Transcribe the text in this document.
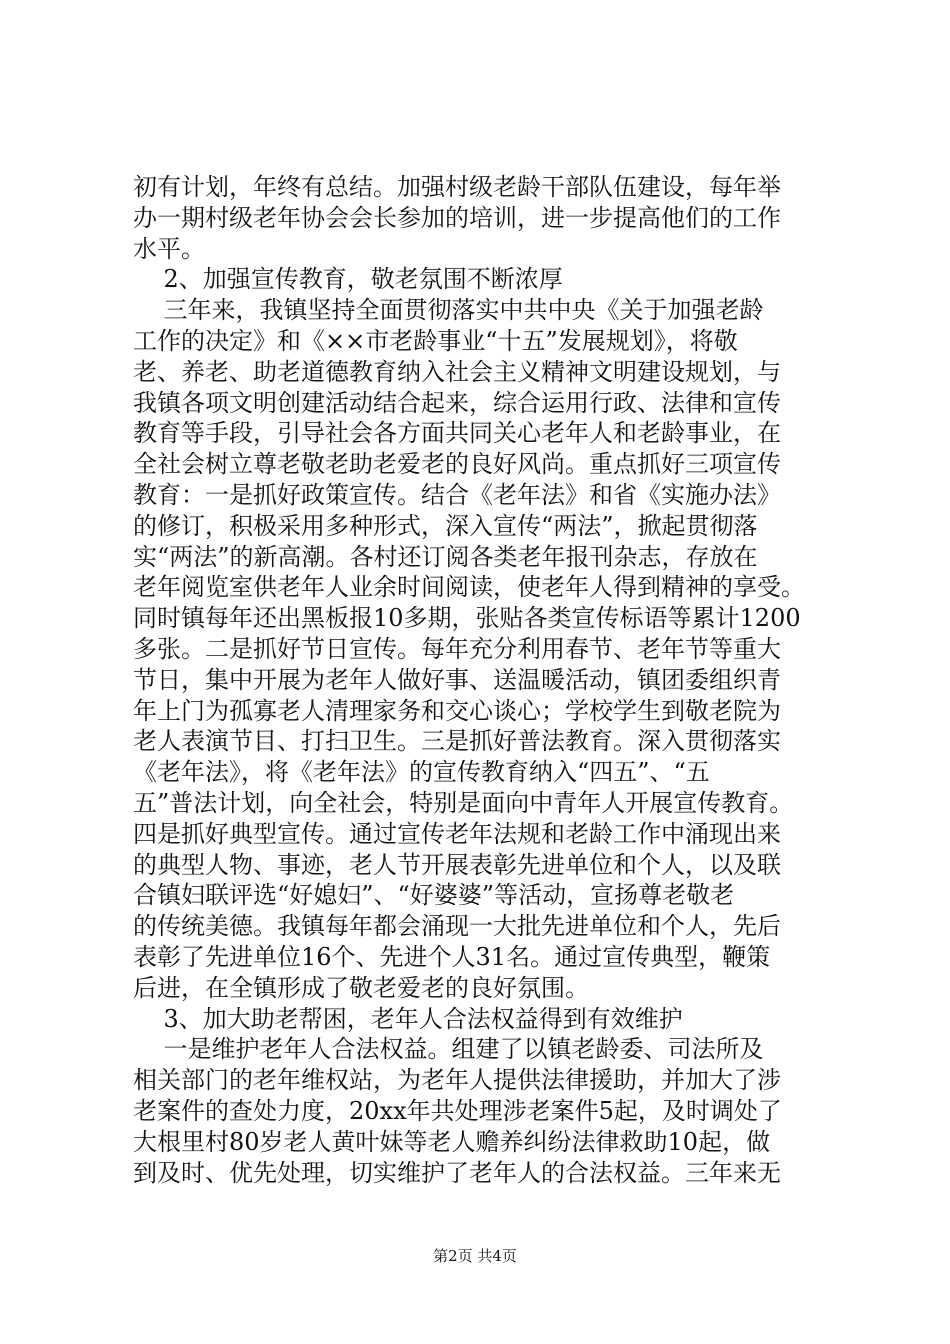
初有计划，年终有总结。加强村级老龄干部队伍建设，每年举
办一期村级老年协会会长参加的培训，进一步提高他们的工作
水平。
2、加强宣传教育，敬老氛围不断浓厚
三年来，我镇坚持全面贯彻落实中共中央《关于加强老龄
工作的决定》和《××市老龄事业“十五”发展规划》，将敬
老、养老、助老道德教育纳入社会主义精神文明建设规划，与
我镇各项文明创建活动结合起来，综合运用行政、法律和宣传
教育等手段，引导社会各方面共同关心老年人和老龄事业，在
全社会树立尊老敬老助老爱老的良好风尚。重点抓好三项宣传
教育：一是抓好政策宣传。结合《老年法》和省《实施办法》
的修订，积极采用多种形式，深入宣传“两法”，掀起贯彻落
实“两法”的新高潮。各村还订阅各类老年报刊杂志，存放在
老年阅览室供老年人业余时间阅读，使老年人得到精神的享受。
同时镇每年还出黑板报10多期，张贴各类宣传标语等累计1200
多张。二是抓好节日宣传。每年充分利用春节、老年节等重大
节日，集中开展为老年人做好事、送温暖活动，镇团委组织青
年上门为孤寡老人清理家务和交心谈心；学校学生到敬老院为
老人表演节目、打扫卫生。三是抓好普法教育。深入贯彻落实
《老年法》，将《老年法》的宣传教育纳入“四五”、“五
五”普法计划，向全社会，特别是面向中青年人开展宣传教育。
四是抓好典型宣传。通过宣传老年法规和老龄工作中涌现出来
的典型人物、事迹，老人节开展表彰先进单位和个人，以及联
合镇妇联评选“好媳妇”、“好婆婆”等活动，宣扬尊老敬老
的传统美德。我镇每年都会涌现一大批先进单位和个人，先后
表彰了先进单位16个、先进个人31名。通过宣传典型，鞭策
后进，在全镇形成了敬老爱老的良好氛围。
3、加大助老帮困，老年人合法权益得到有效维护
一是维护老年人合法权益。组建了以镇老龄委、司法所及
相关部门的老年维权站，为老年人提供法律援助，并加大了涉
老案件的查处力度，20xx年共处理涉老案件5起，及时调处了
大根里村80岁老人黄叶妹等老人赡养纠纷法律救助10起，做
到及时、优先处理，切实维护了老年人的合法权益。三年来无
第2页 共4页
